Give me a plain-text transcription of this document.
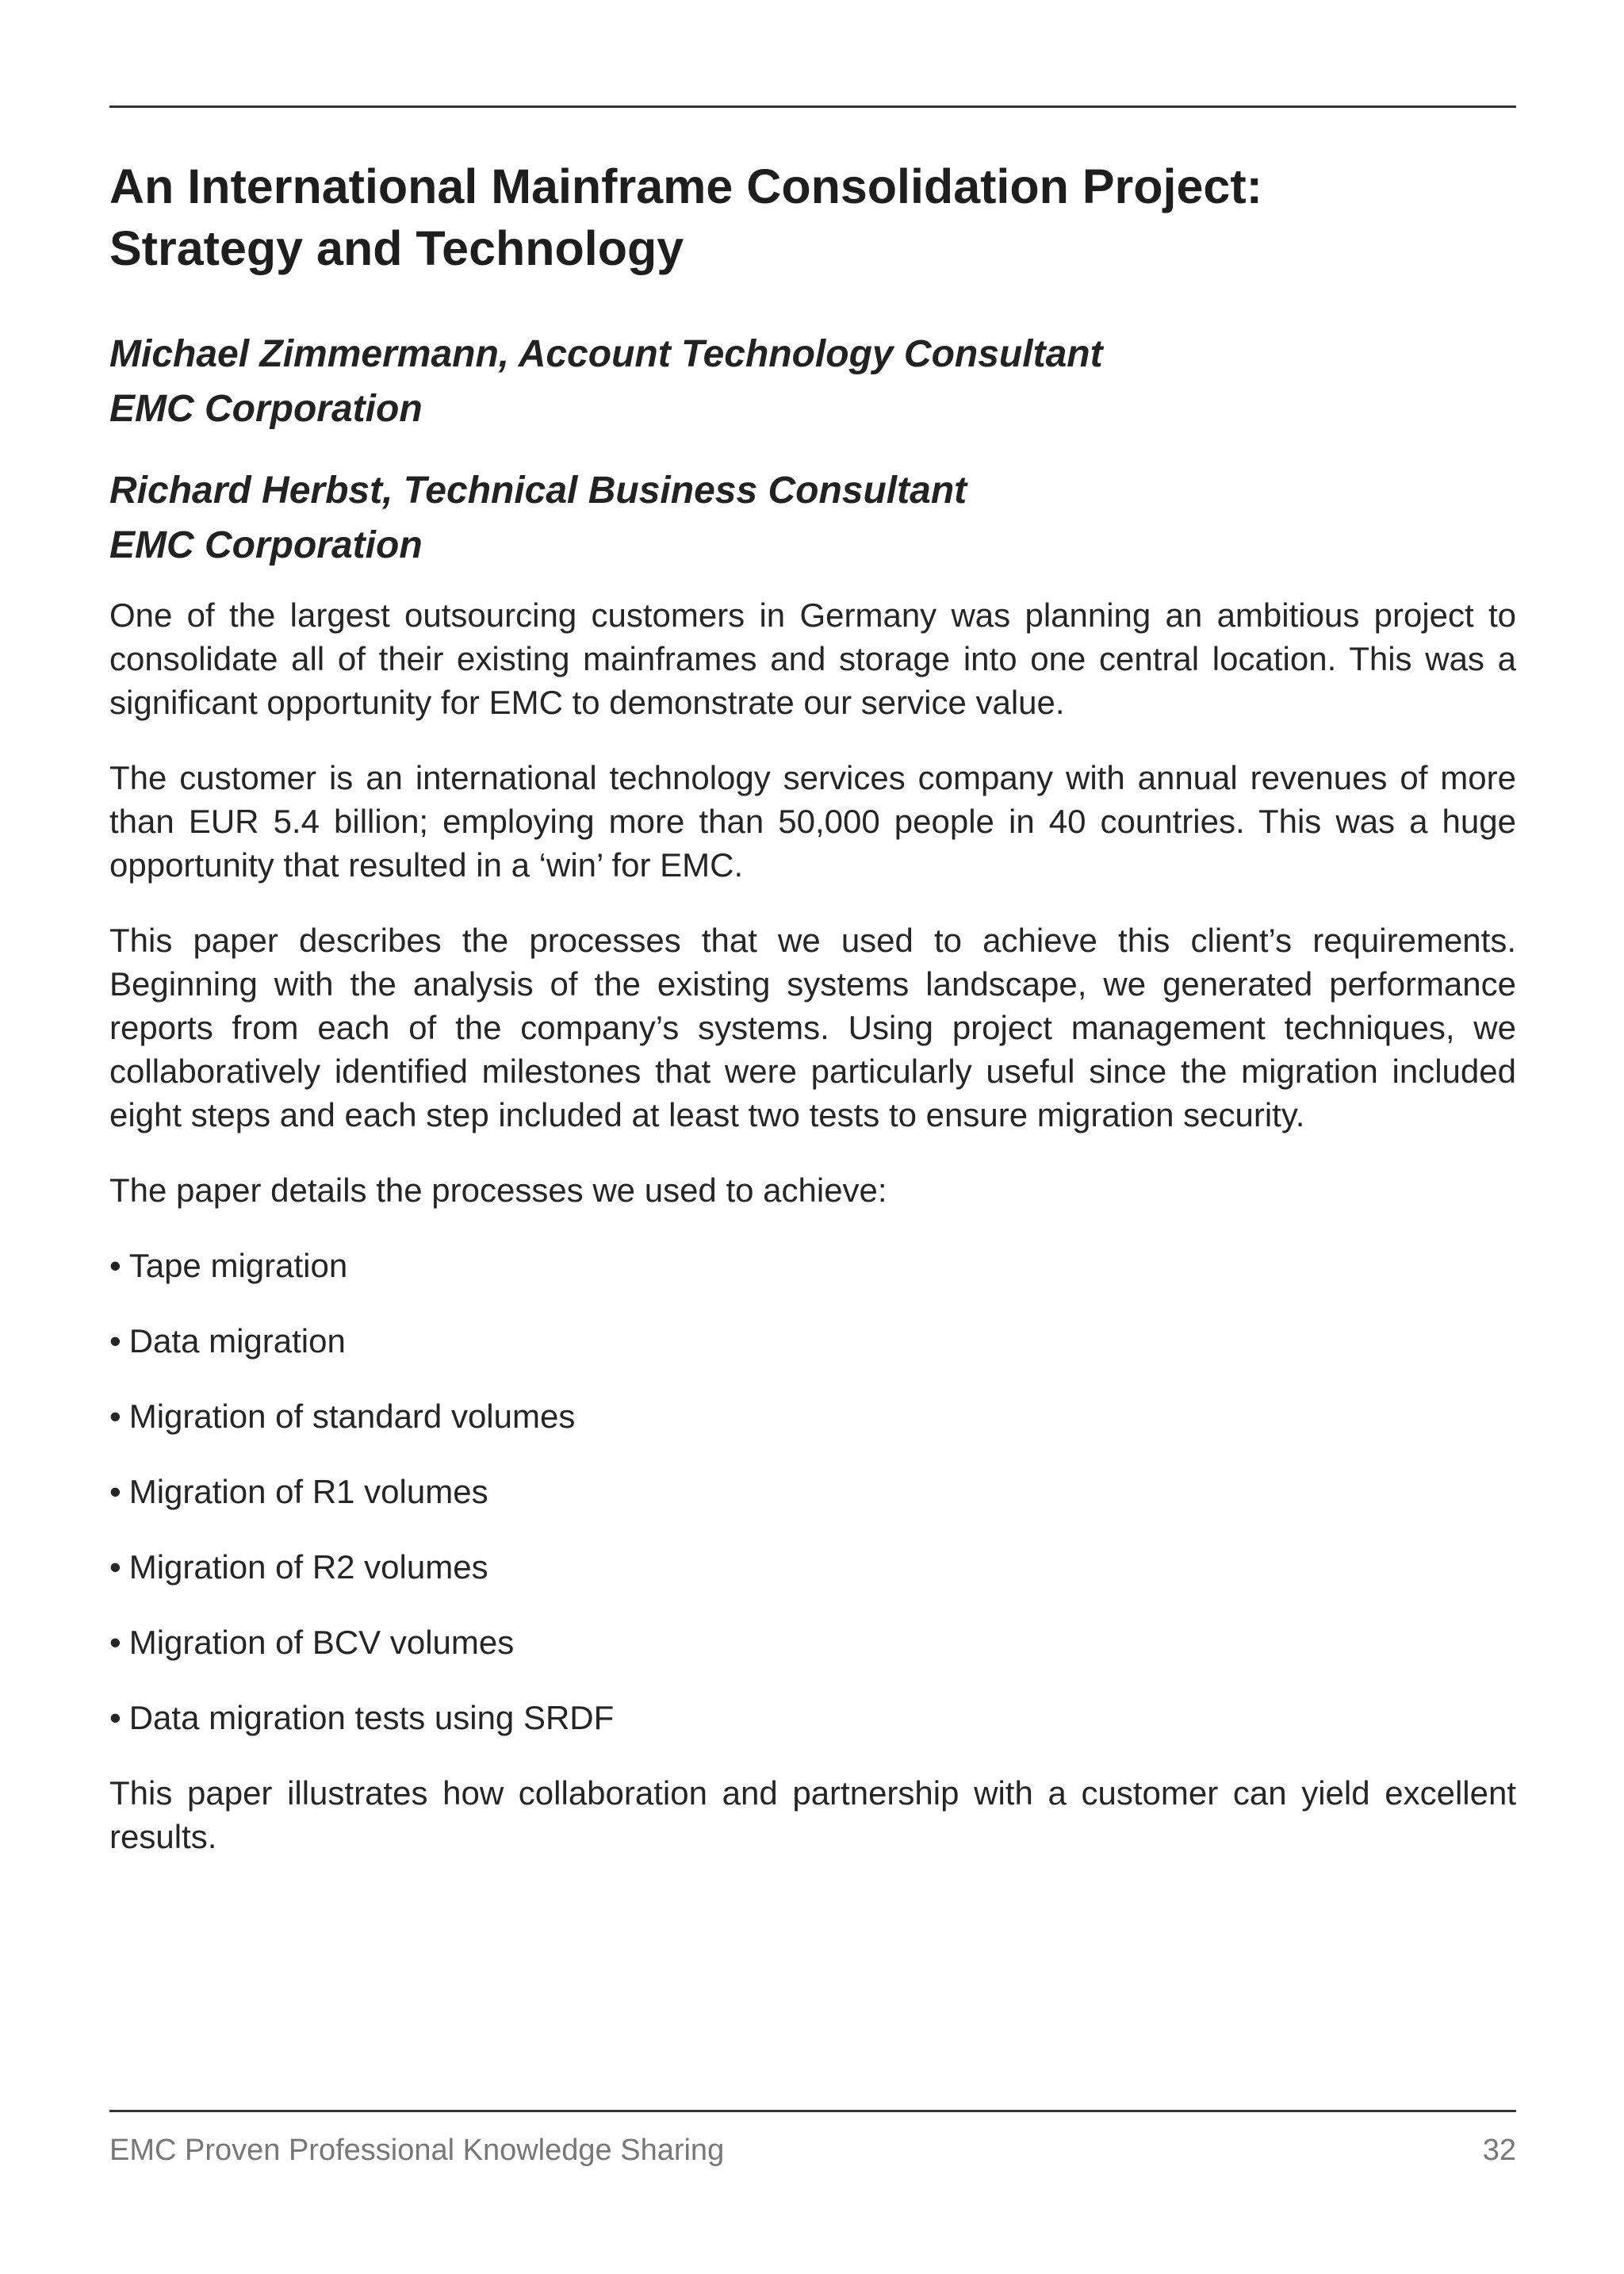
An International Mainframe Consolidation Project:
Strategy and Technology
Michael Zimmermann, Account Technology Consultant
EMC Corporation
Richard Herbst, Technical Business Consultant
EMC Corporation

One of the largest outsourcing customers in Germany was planning an ambitious project to consolidate all of their existing mainframes and storage into one central location. This was a significant opportunity for EMC to demonstrate our service value.

The customer is an international technology services company with annual revenues of more than EUR 5.4 billion; employing more than 50,000 people in 40 countries. This was a huge opportunity that resulted in a ‘win’ for EMC.

This paper describes the processes that we used to achieve this client’s requirements. Beginning with the analysis of the existing systems landscape, we generated performance reports from each of the company’s systems. Using project management techniques, we collaboratively identified milestones that were particularly useful since the migration included eight steps and each step included at least two tests to ensure migration security.

The paper details the processes we used to achieve:

• Tape migration
• Data migration
• Migration of standard volumes
• Migration of R1 volumes
• Migration of R2 volumes
• Migration of BCV volumes
• Data migration tests using SRDF

This paper illustrates how collaboration and partnership with a customer can yield excellent results.

EMC Proven Professional Knowledge Sharing	32
